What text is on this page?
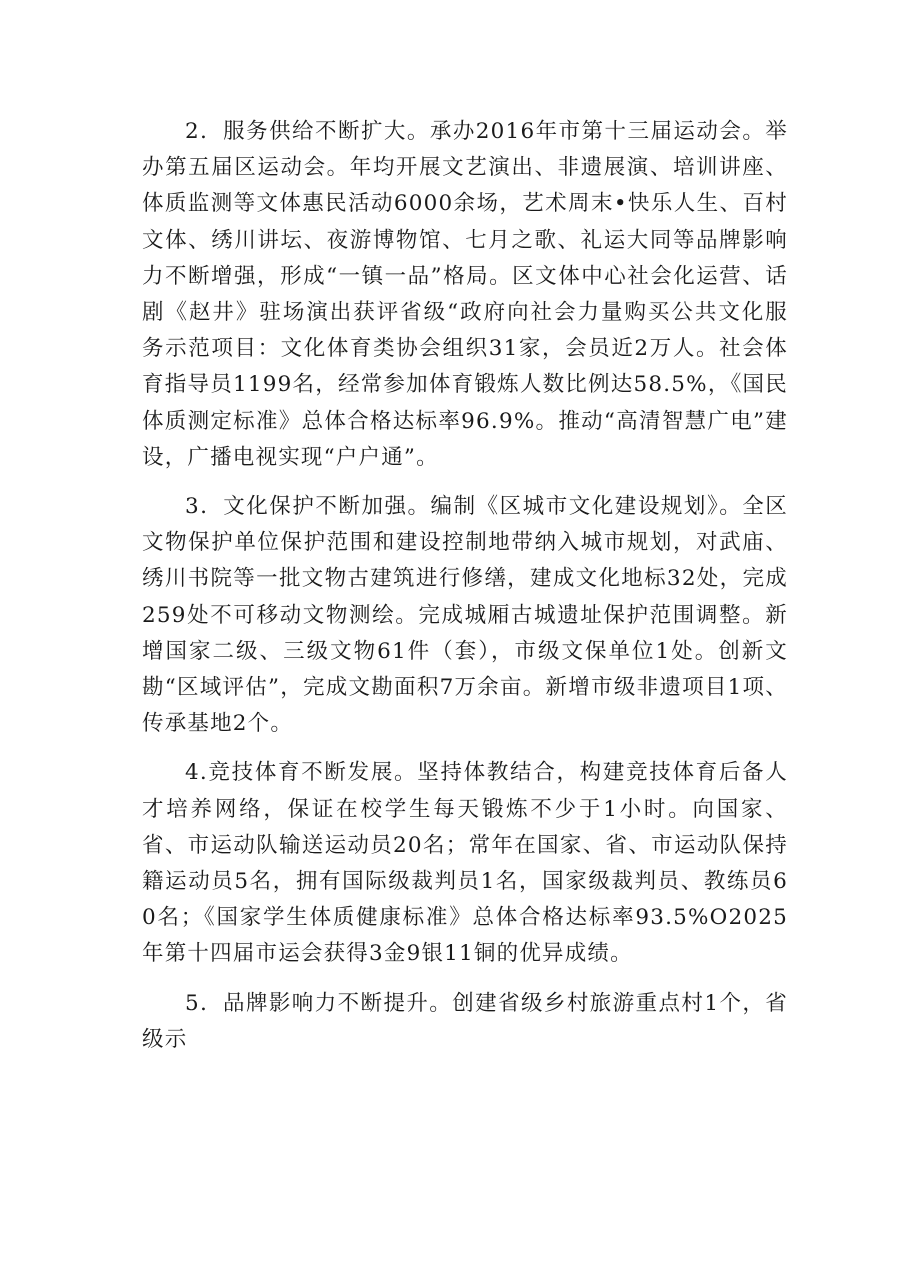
2．服务供给不断扩大。承办2016年市第十三届运动会。举办第五届区运动会。年均开展文艺演出、非遗展演、培训讲座、体质监测等文体惠民活动6000余场，艺术周末•快乐人生、百村文体、绣川讲坛、夜游博物馆、七月之歌、礼运大同等品牌影响力不断增强，形成“一镇一品”格局。区文体中心社会化运营、话剧《赵井》驻场演出获评省级“政府向社会力量购买公共文化服务示范项目：文化体育类协会组织31家，会员近2万人。社会体育指导员1199名，经常参加体育锻炼人数比例达58.5%，《国民体质测定标准》总体合格达标率96.9%。推动“高清智慧广电”建设，广播电视实现“户户通”。

3．文化保护不断加强。编制《区城市文化建设规划》。全区文物保护单位保护范围和建设控制地带纳入城市规划，对武庙、绣川书院等一批文物古建筑进行修缮，建成文化地标32处，完成259处不可移动文物测绘。完成城厢古城遗址保护范围调整。新增国家二级、三级文物61件（套），市级文保单位1处。创新文勘“区域评估”，完成文勘面积7万余亩。新增市级非遗项目1项、传承基地2个。

4.竞技体育不断发展。坚持体教结合，构建竞技体育后备人才培养网络，保证在校学生每天锻炼不少于1小时。向国家、省、市运动队输送运动员20名；常年在国家、省、市运动队保持籍运动员5名，拥有国际级裁判员1名，国家级裁判员、教练员60名；《国家学生体质健康标准》总体合格达标率93.5%O2025年第十四届市运会获得3金9银11铜的优异成绩。

5．品牌影响力不断提升。创建省级乡村旅游重点村1个，省级示
